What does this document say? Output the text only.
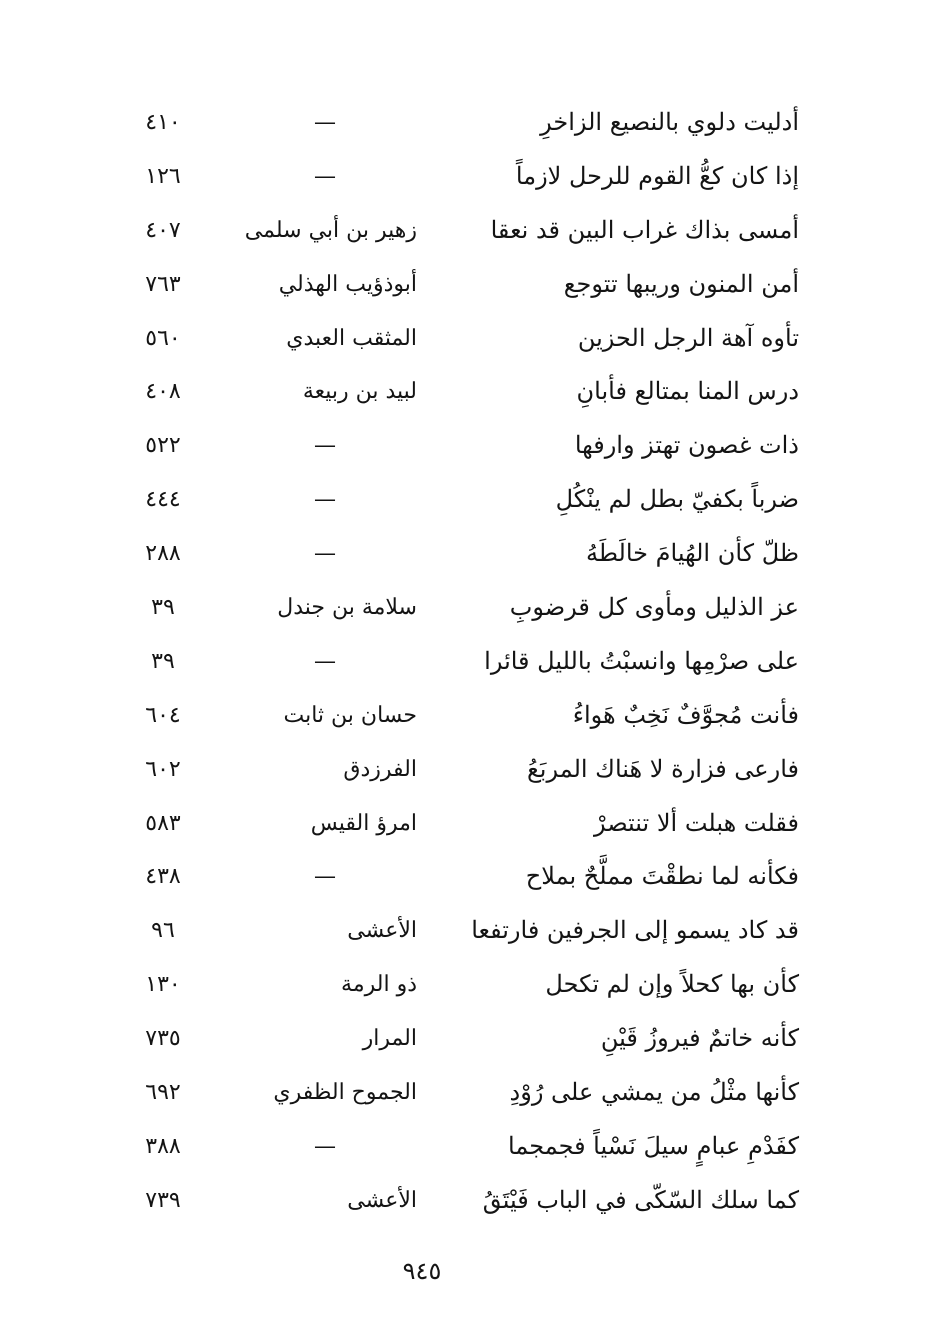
أدليت دلوي بالنصيع الزاخرِ
—
٤١٠
إذا كان كعُّ القوم للرحل لازماً
—
١٢٦
أمسى بذاك غراب البين قد نعقا
زهير بن أبي سلمى
٤٠٧
أمن المنون وريبها تتوجع
أبوذؤيب الهذلي
٧٦٣
تأوه آهة الرجل الحزين
المثقب العبدي
٥٦٠
درس المنا بمتالع فأبانِ
لبيد بن ربيعة
٤٠٨
ذات غصون تهتز وارفها
—
٥٢٢
ضرباً بكفيّ بطل لم ينْكُلِ
—
٤٤٤
ظلّ كأن الهُيامَ خالَطَهُ
—
٢٨٨
عز الذليل ومأوى كل قرضوبِ
سلامة بن جندل
٣٩
على صرْمِها وانسبْتُ بالليل قائرا
—
٣٩
فأنت مُجوَّفٌ نَخِبٌ هَواءُ
حسان بن ثابت
٦٠٤
فارعى فزارة لا هَناك المربَعُ
الفرزدق
٦٠٢
فقلت هبلت ألا تنتصرْ
امرؤ القيس
٥٨٣
فكأنه لما نطقْتَ مملَّحٌ بملاح
—
٤٣٨
قد كاد يسمو إلى الجرفين فارتفعا
الأعشى
٩٦
كأن بها كحلاً وإن لم تكحل
ذو الرمة
١٣٠
كأنه خاتمٌ فيروزُ قَيْنِ
المرار
٧٣٥
كأنها مثْلُ من يمشي على رُوْدِ
الجموح الظفري
٦٩٢
كفَدْمِ عبامٍ سيلَ نَسْياً فجمجما
—
٣٨٨
كما سلك السّكّى في الباب فَيْتَقُ
الأعشى
٧٣٩
٩٤٥
